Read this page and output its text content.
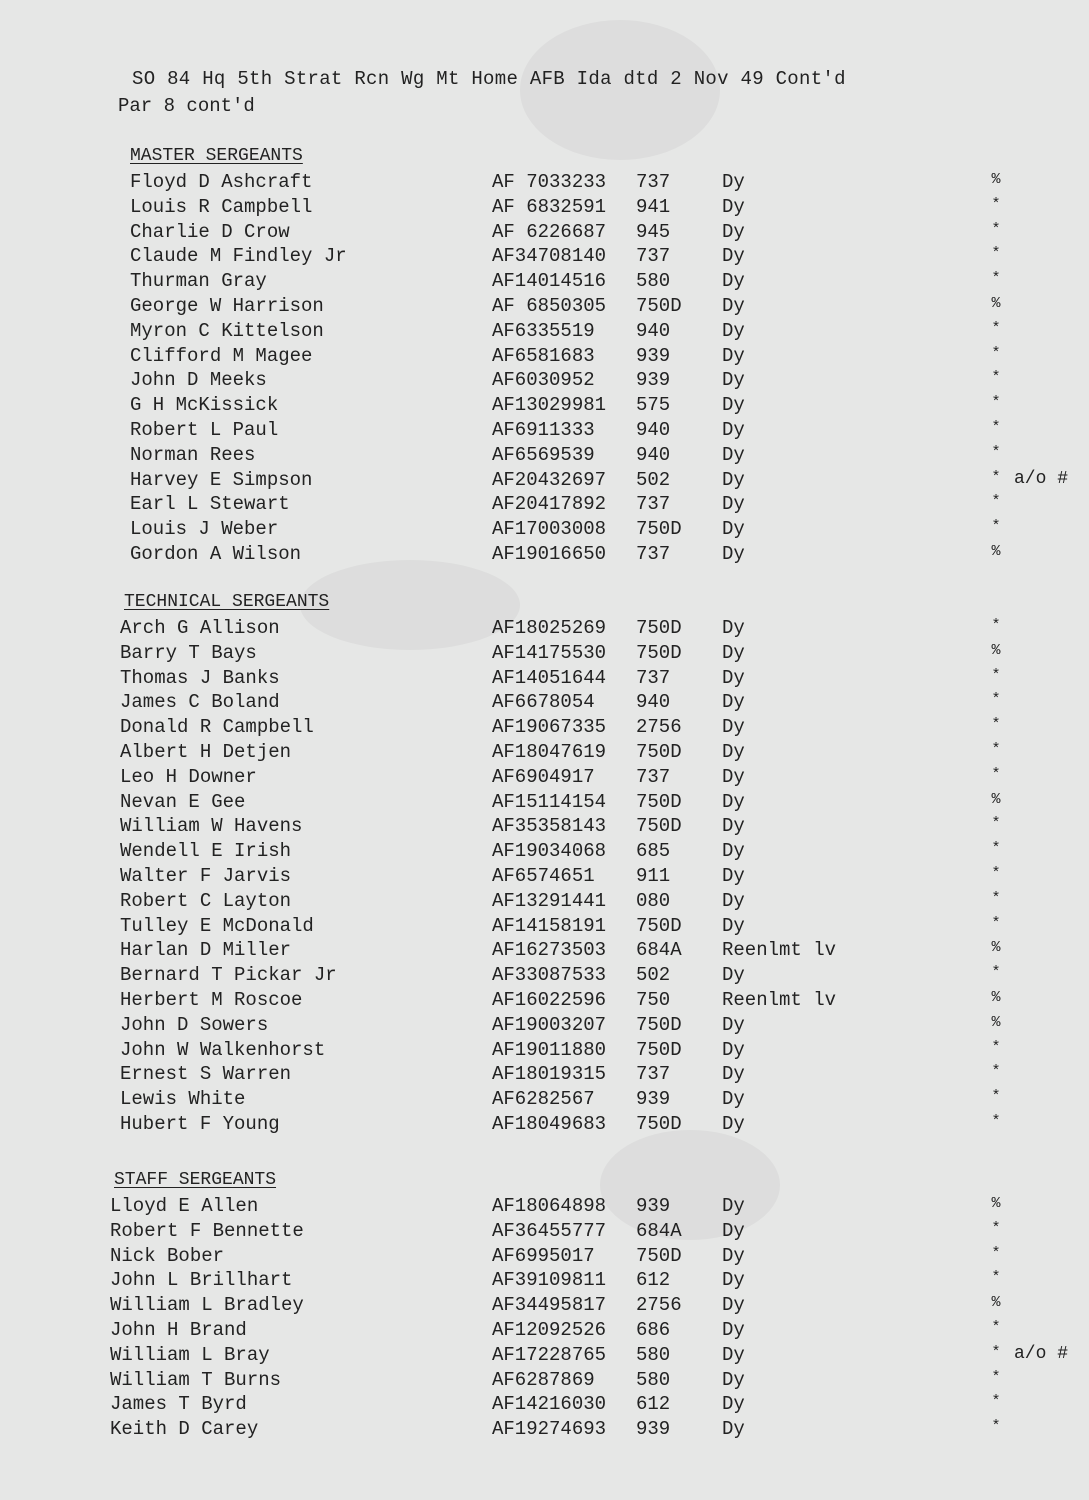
SO 84 Hq 5th Strat Rcn Wg Mt Home AFB Ida dtd 2 Nov 49 Cont'd
Par 8 cont'd
MASTER SERGEANTS
Floyd D Ashcraft	AF 7033233 737	Dy	%
Louis R Campbell	AF 6832591 941	Dy	*
Charlie D Crow	AF 6226687 945	Dy	*
Claude M Findley Jr	AF34708140 737	Dy	*
Thurman Gray	AF14014516 580	Dy	*
George W Harrison	AF 6850305 750D Dy	%
Myron C Kittelson	AF6335519 940	Dy	*
Clifford M Magee	AF6581683 939	Dy	*
John D Meeks	AF6030952 939	Dy	*
G H McKissick	AF13029981 575	Dy	*
Robert L Paul	AF6911333 940	Dy	*
Norman Rees	AF6569539 940	Dy	*
Harvey E Simpson	AF20432697 502	Dy	* a/o #
Earl L Stewart	AF20417892 737	Dy	*
Louis J Weber	AF17003008 750D Dy	*
Gordon A Wilson	AF19016650 737	Dy	%
TECHNICAL SERGEANTS
Arch G Allison	AF18025269 750D Dy	*
Barry T Bays	AF14175530 750D Dy	%
Thomas J Banks	AF14051644 737	Dy	*
James C Boland	AF6678054 940	Dy	*
Donald R Campbell	AF19067335 2756 Dy	*
Albert H Detjen	AF18047619 750D Dy	*
Leo H Downer	AF6904917 737	Dy	*
Nevan E Gee	AF15114154 750D Dy	%
William W Havens	AF35358143 750D Dy	*
Wendell E Irish	AF19034068 685	Dy	*
Walter F Jarvis	AF6574651 911	Dy	*
Robert C Layton	AF13291441 080	Dy	*
Tulley E McDonald	AF14158191 750D Dy	*
Harlan D Miller	AF16273503 684A Reenlmt lv	%
Bernard T Pickar Jr	AF33087533 502	Dy	*
Herbert M Roscoe	AF16022596 750	Reenlmt lv	%
John D Sowers	AF19003207 750D Dy	%
John W Walkenhorst	AF19011880 750D Dy	*
Ernest S Warren	AF18019315 737	Dy	*
Lewis White	AF6282567 939	Dy	*
Hubert F Young	AF18049683 750D Dy	*
STAFF SERGEANTS
Lloyd E Allen	AF18064898 939	Dy	%
Robert F Bennette	AF36455777 684A Dy	*
Nick Bober	AF6995017 750D Dy	*
John L Brillhart	AF39109811 612	Dy	*
William L Bradley	AF34495817 2756 Dy	%
John H Brand	AF12092526 686	Dy	*
William L Bray	AF17228765 580	Dy	* a/o #
William T Burns	AF6287869 580	Dy	*
James T Byrd	AF14216030 612	Dy	*
Keith D Carey	AF19274693 939	Dy	*
